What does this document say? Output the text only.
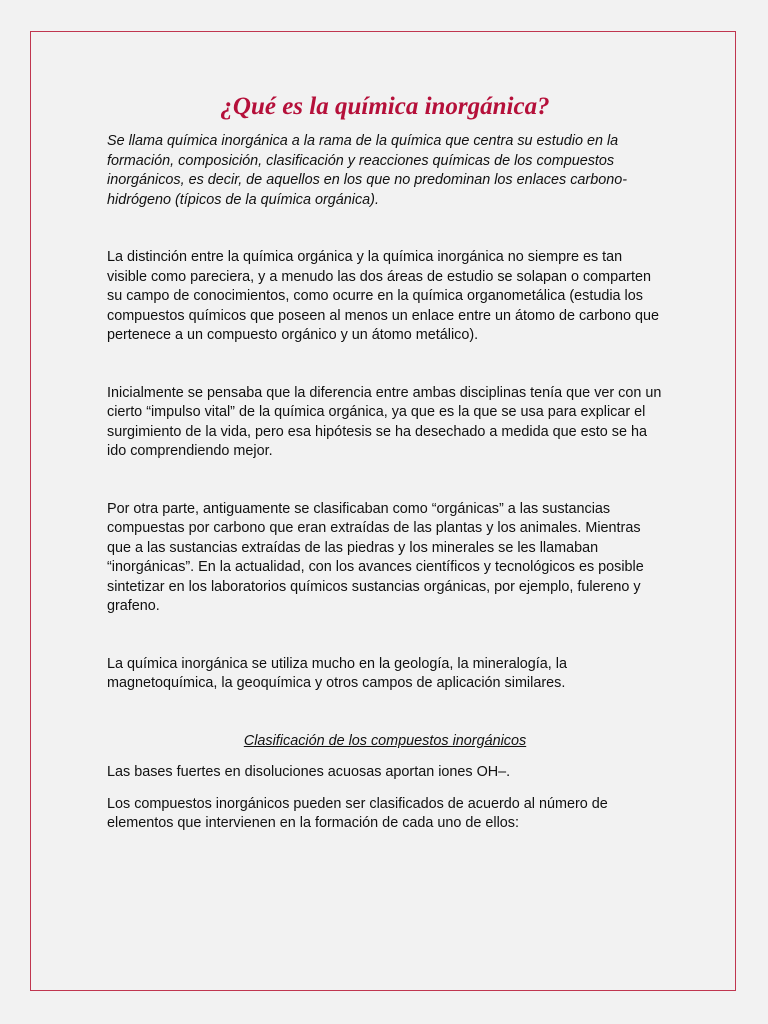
¿Qué es la química inorgánica?

Se llama química inorgánica a la rama de la química que centra su estudio en la formación, composición, clasificación y reacciones químicas de los compuestos inorgánicos, es decir, de aquellos en los que no predominan los enlaces carbono-hidrógeno (típicos de la química orgánica).

La distinción entre la química orgánica y la química inorgánica no siempre es tan visible como pareciera, y a menudo las dos áreas de estudio se solapan o comparten su campo de conocimientos, como ocurre en la química organometálica (estudia los compuestos químicos que poseen al menos un enlace entre un átomo de carbono que pertenece a un compuesto orgánico y un átomo metálico).

Inicialmente se pensaba que la diferencia entre ambas disciplinas tenía que ver con un cierto “impulso vital” de la química orgánica, ya que es la que se usa para explicar el surgimiento de la vida, pero esa hipótesis se ha desechado a medida que esto se ha ido comprendiendo mejor.

Por otra parte, antiguamente se clasificaban como “orgánicas” a las sustancias compuestas por carbono que eran extraídas de las plantas y los animales. Mientras que a las sustancias extraídas de las piedras y los minerales se les llamaban “inorgánicas”. En la actualidad, con los avances científicos y tecnológicos es posible sintetizar en los laboratorios químicos sustancias orgánicas, por ejemplo, fulereno y grafeno.

La química inorgánica se utiliza mucho en la geología, la mineralogía, la magnetoquímica, la geoquímica y otros campos de aplicación similares.

Clasificación de los compuestos inorgánicos

Las bases fuertes en disoluciones acuosas aportan iones OH–.

Los compuestos inorgánicos pueden ser clasificados de acuerdo al número de elementos que intervienen en la formación de cada uno de ellos:
